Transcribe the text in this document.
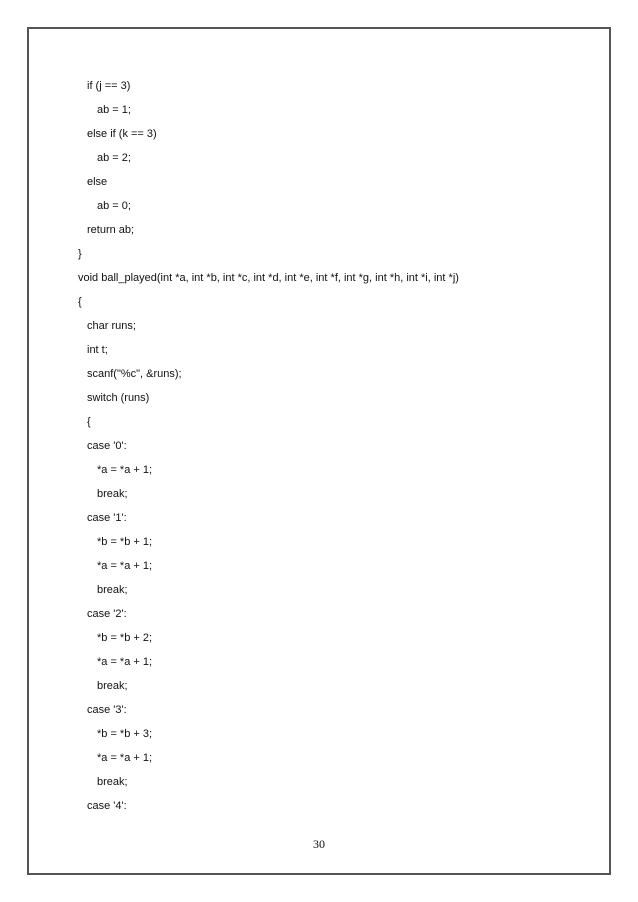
if (j == 3)
ab = 1;
else if (k == 3)
ab = 2;
else
ab = 0;
return ab;
}
void ball_played(int *a, int *b, int *c, int *d, int *e, int *f, int *g, int *h, int *i, int *j)
{
char runs;
int t;
scanf("%c", &runs);
switch (runs)
{
case '0':
*a = *a + 1;
break;
case '1':
*b = *b + 1;
*a = *a + 1;
break;
case '2':
*b = *b + 2;
*a = *a + 1;
break;
case '3':
*b = *b + 3;
*a = *a + 1;
break;
case '4':
30
